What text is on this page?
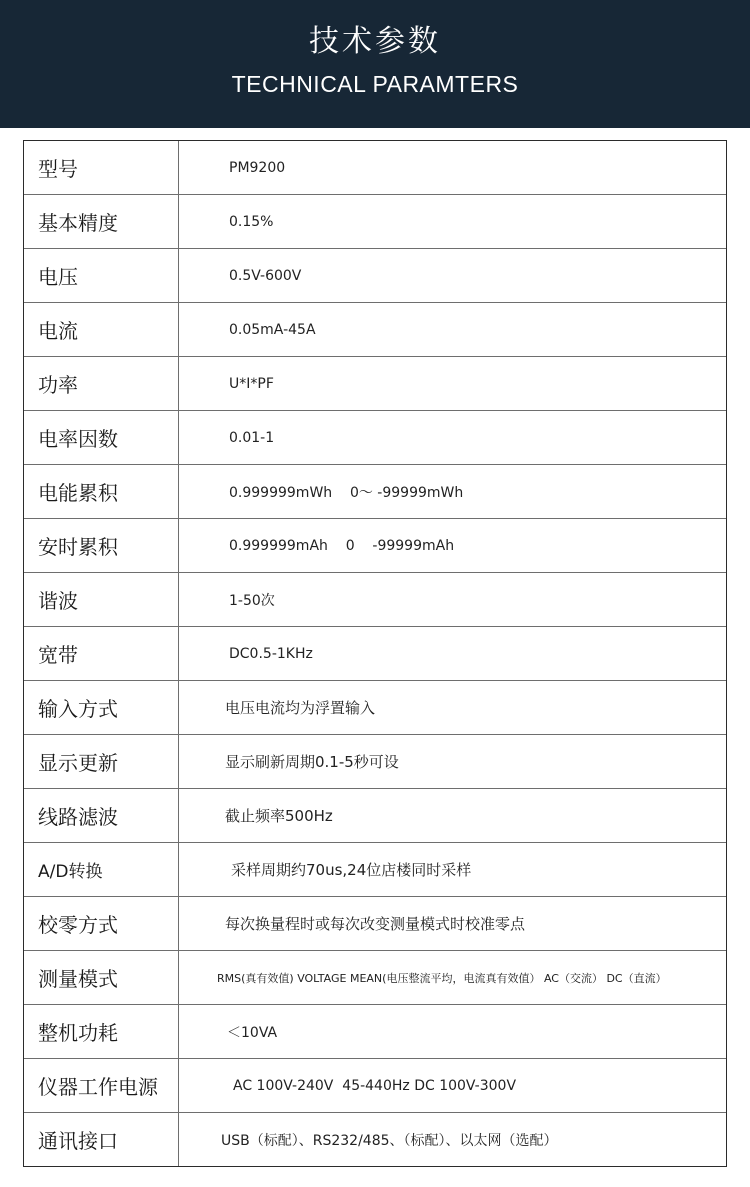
技术参数
TECHNICAL PARAMTERS
型号	PM9200
基本精度	0.15%
电压	0.5V-600V
电流	0.05mA-45A
功率	U*I*PF
电率因数	0.01-1
电能累积	0.999999mWh    0～ -99999mWh
安时累积	0.999999mAh    0    -99999mAh
谐波	1-50次
宽带	DC0.5-1KHz
输入方式	电压电流均为浮置输入
显示更新	显示刷新周期0.1-5秒可设
线路滤波	截止频率500Hz
A/D转换	采样周期约70us,24位店楼同时采样
校零方式	每次换量程时或每次改变测量模式时校准零点
测量模式	RMS(真有效值) VOLTAGE MEAN(电压整流平均，电流真有效值） AC（交流） DC（直流）
整机功耗	＜10VA
仪器工作电源	AC 100V-240V  45-440Hz DC 100V-300V
通讯接口	USB（标配）、RS232/485、（标配）、以太网（选配）
